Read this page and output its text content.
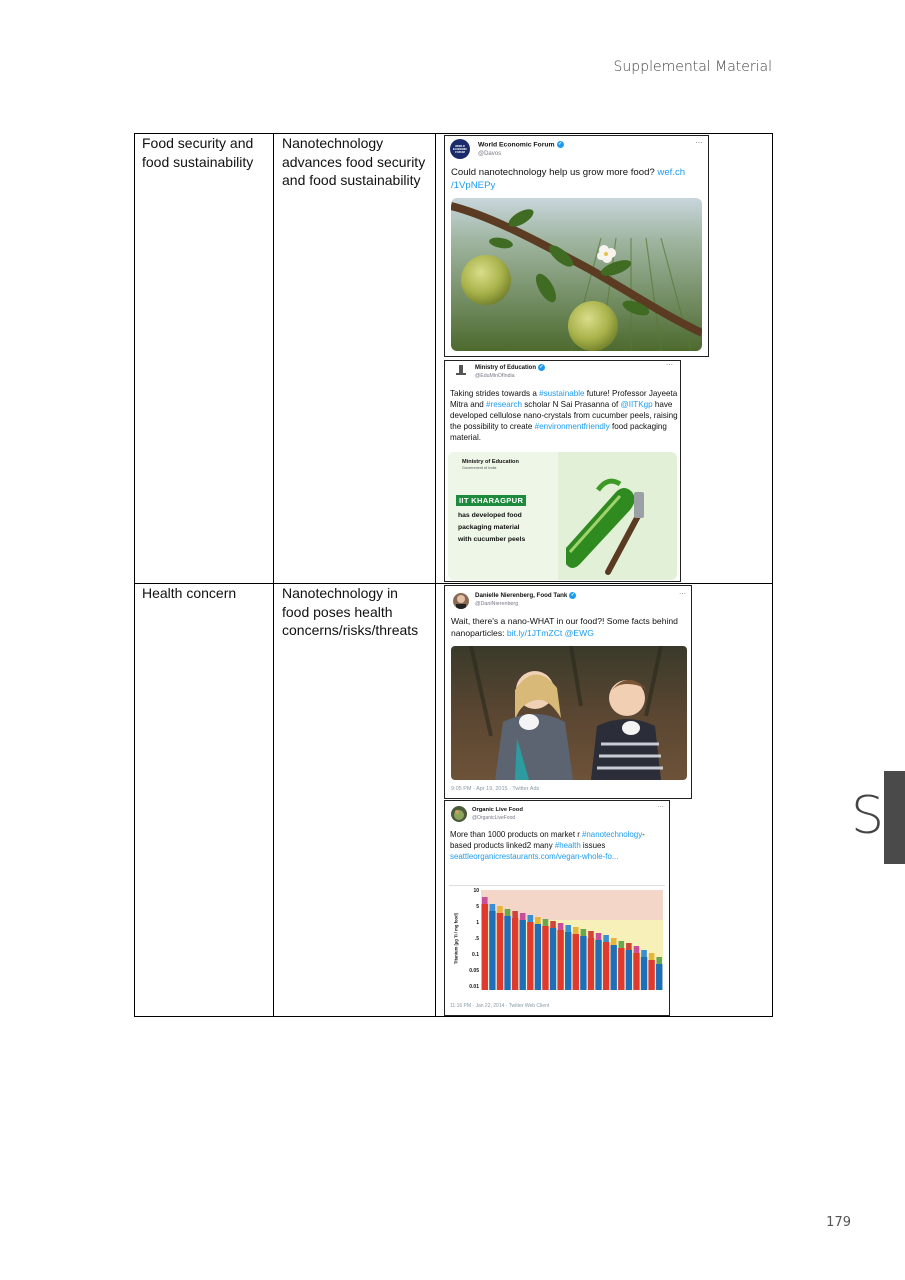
Supplemental Material
S
179
Food security and food sustainability
Nanotechnology advances food security and food sustainability
Health concern	Nanotechnology in food poses health concerns/risks/threats
WORLD ECONOMIC FORUM
World Economic Forum ✓
@Davos
⋯
Could nanotechnology help us grow more food? wef.ch /1VpNEPy
Ministry of Education ✓
@EduMinOfIndia
⋯
Taking strides towards a #sustainable future! Professor Jayeeta Mitra and #research scholar N Sai Prasanna of @IITKgp have developed cellulose nano-crystals from cucumber peels, raising the possibility to create #environmentfriendly food packaging material.
Ministry of Education
Government of India
IIT KHARAGPUR
has developed food
packaging material
with cucumber peels
Danielle Nierenberg, Food Tank ✓
@DaniNierenberg
⋯
Wait, there's a nano-WHAT in our food?! Some facts behind nanoparticles: bit.ly/1JTmZCt @EWG
9:05 PM · Apr 19, 2015 · Twitter Ads
Organic Live Food
@OrganicLiveFood
⋯
More than 1000 products on market r #nanotechnology-based products linked2 many #health issues seattleorganicrestaurants.com/vegan-whole-fo...
Titanium (µg Ti / mg food)
10
5
1
.5
0.1
0.05
0.01
11:16 PM · Jan 22, 2014 · Twitter Web Client
